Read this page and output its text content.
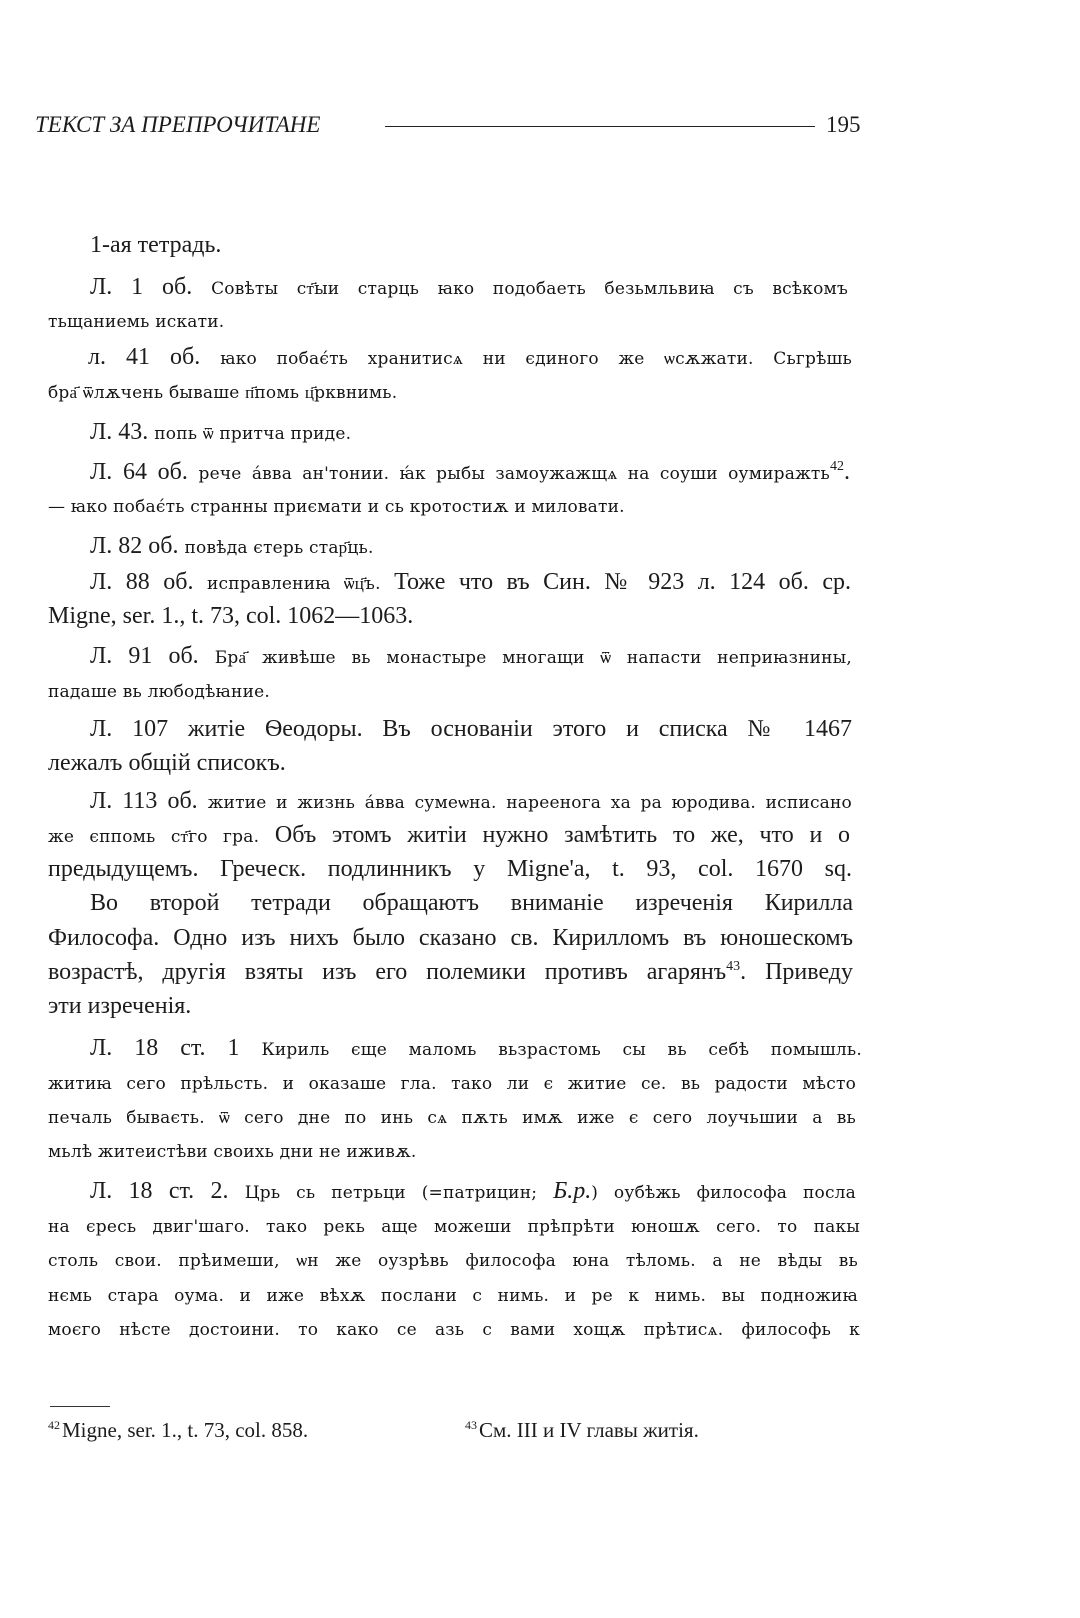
ТЕКСТ ЗА ПРЕПРОЧИТАНЕ	195
1-ая тетрадь.
Л. 1 об. Совѣты ст҃ыи старць ꙗко подобаеть безьмльвиꙗ съ всѣкомъ
тьщаниемь искати.
л. 41 об. ꙗко побає́ть хранитисѧ ни єдиного же ѡсѫжати. Сьгрѣшь
бра҃ ѿлѫчень бываше п҃помь ц҃рквнимь.
Л. 43. попь ѿ притча приде.
Л. 64 об. рече а́вва ан'тонии. ꙗ́к рыбы замоужажщѧ на соуши оумиражть$^{42}$.
— ꙗко побає́ть странны приємати и сь кротостиѫ и миловати.
Л. 82 об. повѣда єтерь стар҃ць.
Л. 88 об. исправлениꙗ ѿц҃ъ. Тоже что въ Син. № 923 л. 124 об. ср.
Migne, ser. 1., t. 73, col. 1062—1063.
Л. 91 об. Бра҃ живѣше вь монастыре многащи ѿ напасти неприꙗзнины,
падаше вь любодѣꙗние.
Л. 107 житіе Ѳеодоры. Въ основаніи этого и списка № 1467
лежалъ общій списокъ.
Л. 113 об. житие и жизнь а́вва сумеѡна. нареенога ха ра юродива. исписано
же єппомь ст҃го гра. Объ этомъ житіи нужно замѣтить то же, что и о
предыдущемъ. Греческ. подлинникъ у Migne'a, t. 93, col. 1670 sq.
Во второй тетради обращаютъ вниманіе изреченія Кирилла
Философа. Одно изъ нихъ было сказано св. Кирилломъ въ юношескомъ
возрастѣ, другія взяты изъ его полемики противъ агарянъ$^{43}$. Приведу
эти изреченія.
Л. 18 ст. 1 Кириль єще маломь вьзрастомь сы вь себѣ помышль.
житиꙗ сего прѣльсть. и оказаше гла. тако ли є житие се. вь радости мѣсто
печаль бываєть. ѿ сего дне по инь сѧ пѫть имѫ иже є сего лоучьшии а вь
мьлѣ житеистѣви своихь дни не иживѫ.
Л. 18 ст. 2. Црь сь петрьци (=патрицин; Б.р.) оубѣжь философа посла
на єресь двиг'шаго. тако рекь аще можеши прѣпрѣти юношѫ сего. то пакы
столь свои. прѣимеши, ѡн же оузрѣвь философа юна тѣломь. а не вѣды вь
нємь стара оума. и иже вѣхѫ послани с нимь. и ре к нимь. вы подножиꙗ
моєго нѣсте достоини. то како се азь с вами хощѫ прѣтисѧ. философь к
$^{42}$Migne, ser. 1., t. 73, col. 858.	$^{43}$См. III и IV главы житія.
